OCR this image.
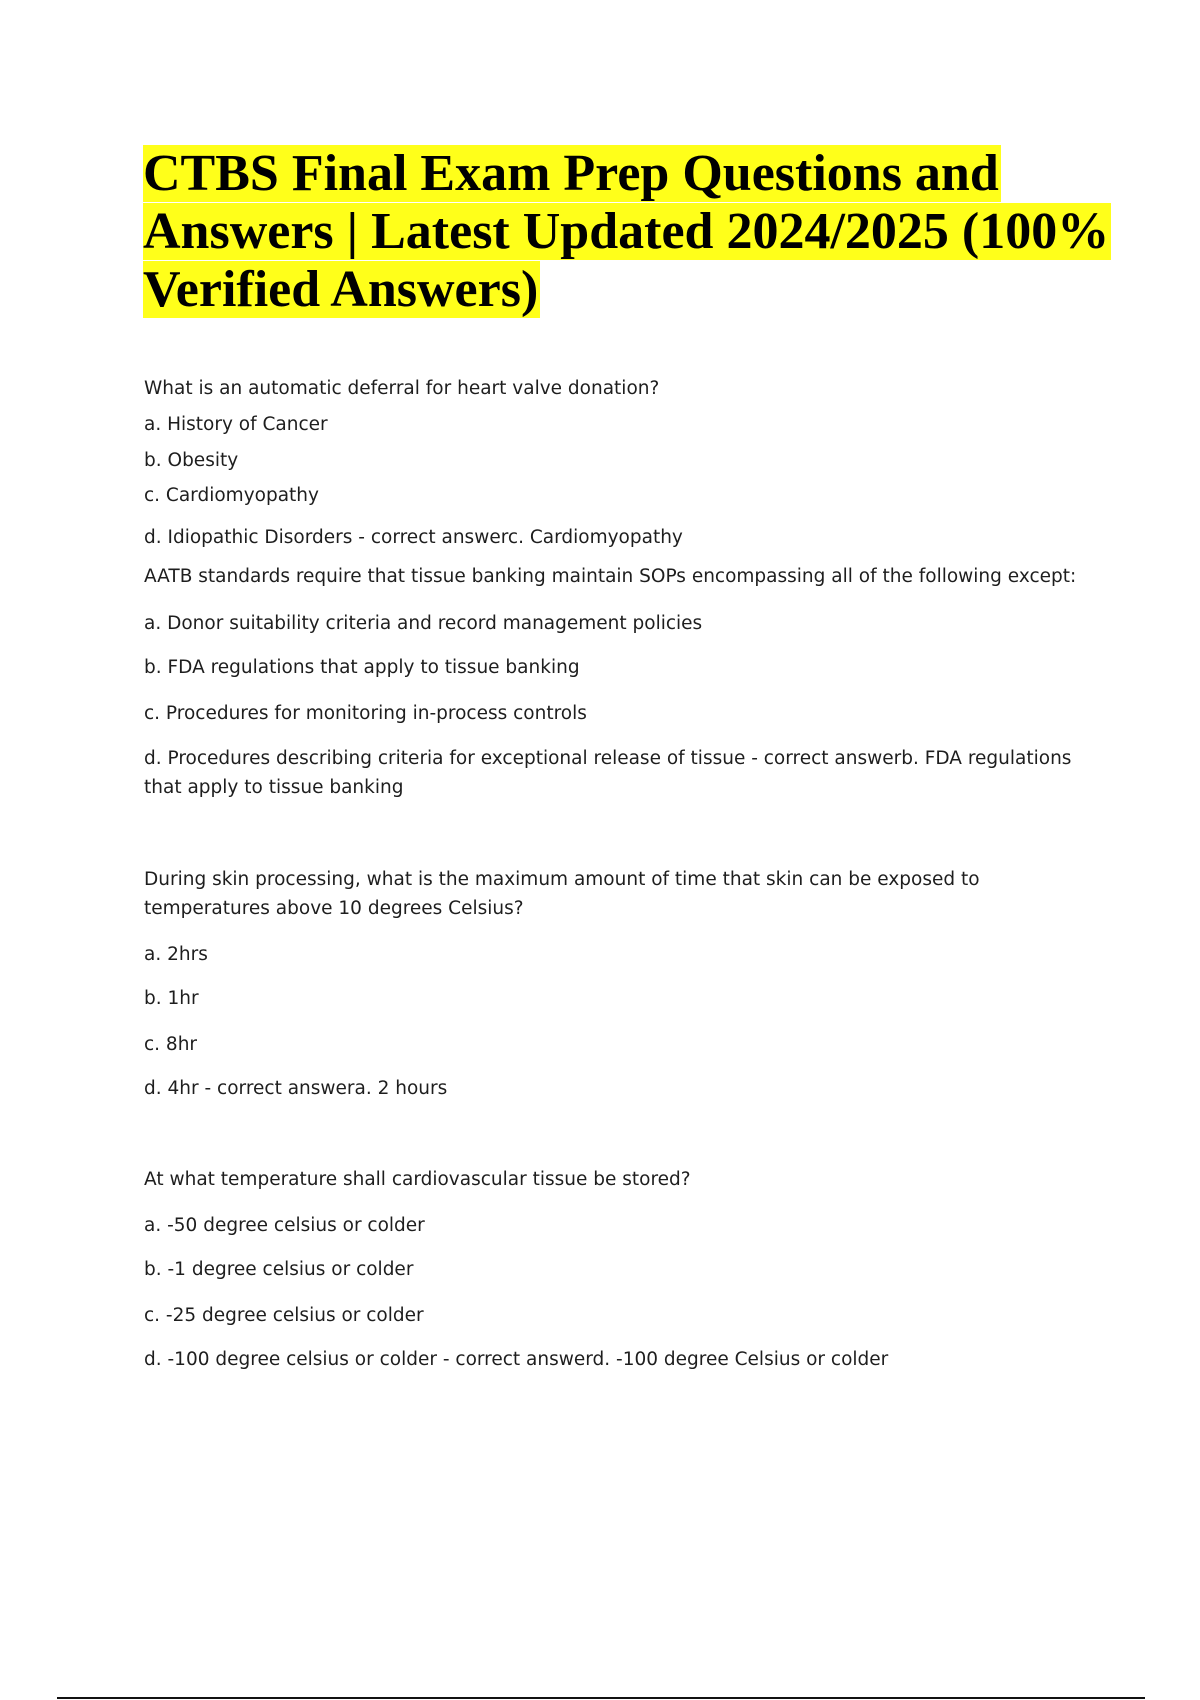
CTBS Final Exam Prep Questions and Answers | Latest Updated 2024/2025 (100% Verified Answers)

What is an automatic deferral for heart valve donation?

a. History of Cancer

b. Obesity

c. Cardiomyopathy

d. Idiopathic Disorders - correct answerc. Cardiomyopathy

AATB standards require that tissue banking maintain SOPs encompassing all of the following except:

a. Donor suitability criteria and record management policies

b. FDA regulations that apply to tissue banking

c. Procedures for monitoring in-process controls

d. Procedures describing criteria for exceptional release of tissue - correct answerb. FDA regulations that apply to tissue banking

During skin processing, what is the maximum amount of time that skin can be exposed to temperatures above 10 degrees Celsius?

a. 2hrs

b. 1hr

c. 8hr

d. 4hr - correct answera. 2 hours

At what temperature shall cardiovascular tissue be stored?

a. -50 degree celsius or colder

b. -1 degree celsius or colder

c. -25 degree celsius or colder

d. -100 degree celsius or colder - correct answerd. -100 degree Celsius or colder
